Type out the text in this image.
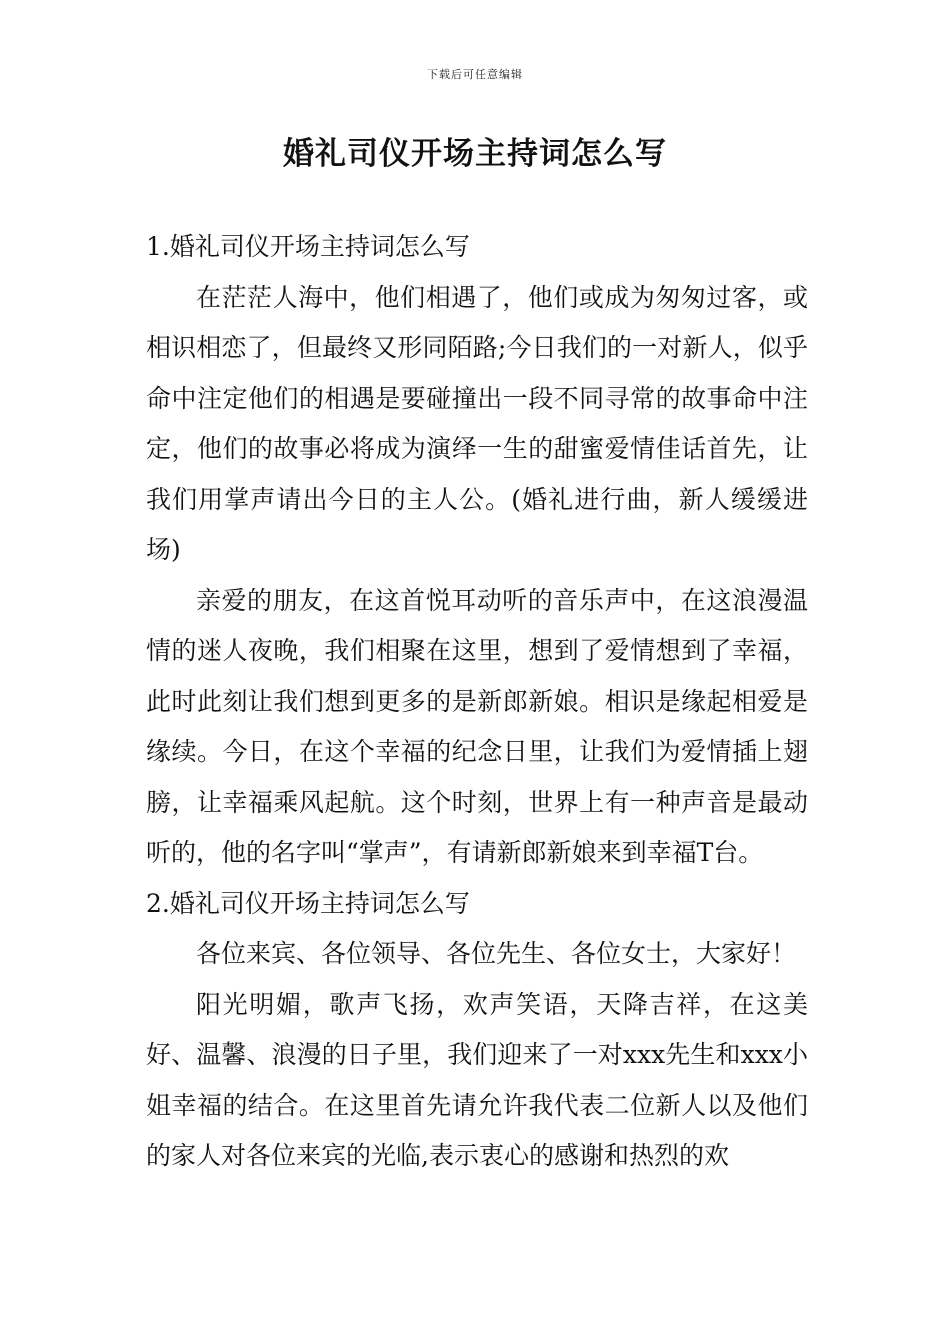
下载后可任意编辑
婚礼司仪开场主持词怎么写

1.婚礼司仪开场主持词怎么写

在茫茫人海中，他们相遇了，他们或成为匆匆过客，或相识相恋了，但最终又形同陌路;今日我们的一对新人，似乎命中注定他们的相遇是要碰撞出一段不同寻常的故事命中注定，他们的故事必将成为演绎一生的甜蜜爱情佳话首先，让我们用掌声请出今日的主人公。(婚礼进行曲，新人缓缓进场)

亲爱的朋友，在这首悦耳动听的音乐声中，在这浪漫温情的迷人夜晚，我们相聚在这里，想到了爱情想到了幸福，此时此刻让我们想到更多的是新郎新娘。相识是缘起相爱是缘续。今日，在这个幸福的纪念日里，让我们为爱情插上翅膀，让幸福乘风起航。这个时刻，世界上有一种声音是最动听的，他的名字叫“掌声”，有请新郎新娘来到幸福T台。

2.婚礼司仪开场主持词怎么写

各位来宾、各位领导、各位先生、各位女士，大家好！

阳光明媚，歌声飞扬，欢声笑语，天降吉祥，在这美好、温馨、浪漫的日子里，我们迎来了一对xxx先生和xxx小姐幸福的结合。在这里首先请允许我代表二位新人以及他们的家人对各位来宾的光临,表示衷心的感谢和热烈的欢
